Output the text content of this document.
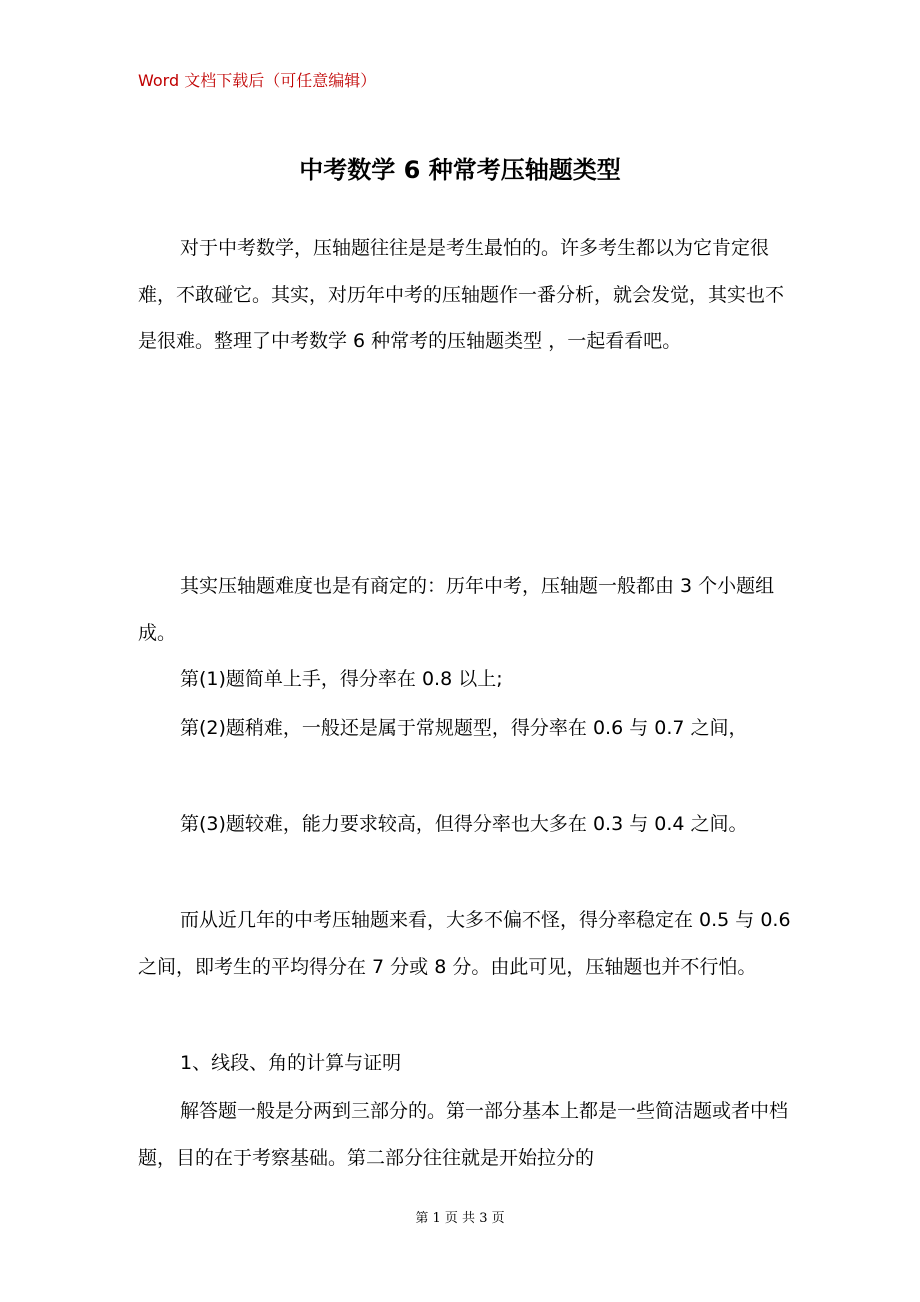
Word 文档下载后（可任意编辑）
中考数学 6 种常考压轴题类型

对于中考数学，压轴题往往是是考生最怕的。许多考生都以为它肯定很难，不敢碰它。其实，对历年中考的压轴题作一番分析，就会发觉，其实也不是很难。整理了中考数学 6 种常考的压轴题类型 ，一起看看吧。

其实压轴题难度也是有商定的：历年中考，压轴题一般都由 3 个小题组成。

第(1)题简单上手，得分率在 0.8 以上;

第(2)题稍难，一般还是属于常规题型，得分率在 0.6 与 0.7 之间，

第(3)题较难，能力要求较高，但得分率也大多在 0.3 与 0.4 之间。

而从近几年的中考压轴题来看，大多不偏不怪，得分率稳定在 0.5 与 0.6 之间，即考生的平均得分在 7 分或 8 分。由此可见，压轴题也并不行怕。

1、线段、角的计算与证明

解答题一般是分两到三部分的。第一部分基本上都是一些简洁题或者中档题，目的在于考察基础。第二部分往往就是开始拉分的

第 1 页 共 3 页
